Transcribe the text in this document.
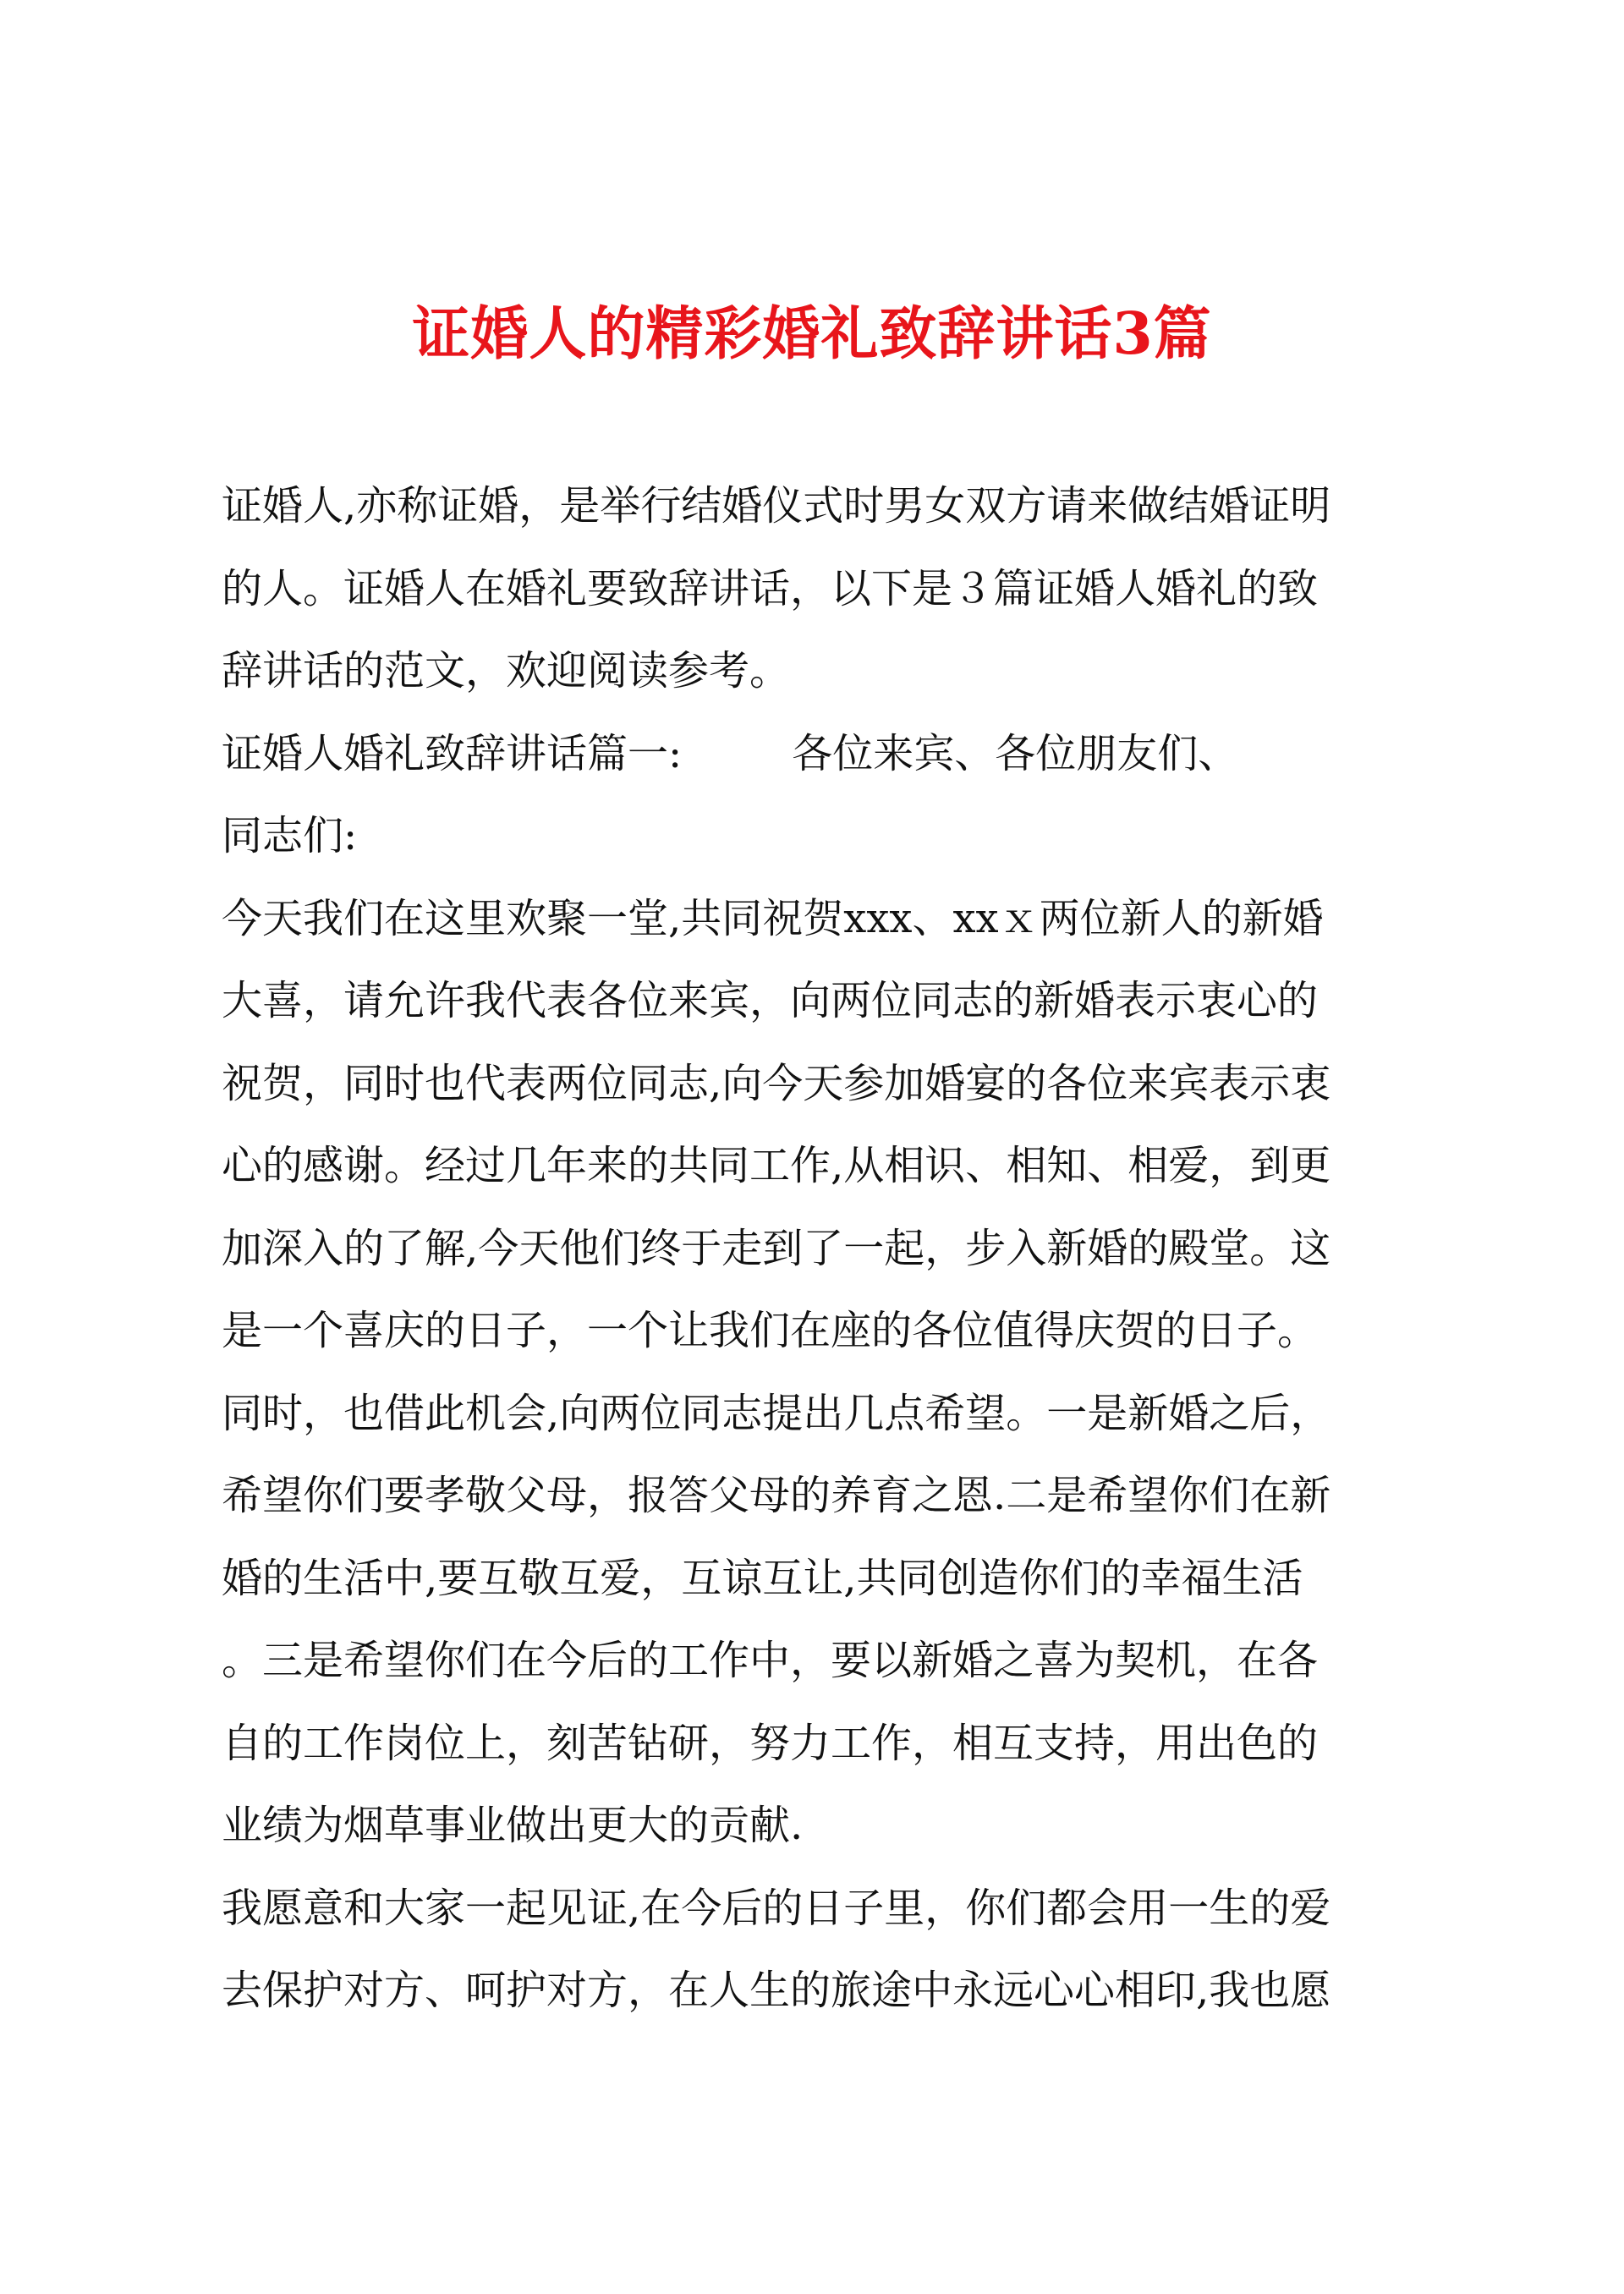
证婚人的精彩婚礼致辞讲话3篇
证婚人,亦称证婚，是举行结婚仪式时男女双方请来做结婚证明
的人。证婚人在婚礼要致辞讲话，以下是３篇证婚人婚礼的致
辞讲话的范文，欢迎阅读参考。
证婚人婚礼致辞讲话篇一:	各位来宾、各位朋友们、
同志们:
今天我们在这里欢聚一堂,共同祝贺xxx、xxｘ两位新人的新婚
大喜，请允许我代表各位来宾，向两位同志的新婚表示衷心的
祝贺，同时也代表两位同志,向今天参加婚宴的各位来宾表示衷
心的感谢。经过几年来的共同工作,从相识、相知、相爱，到更
加深入的了解,今天他们终于走到了一起，步入新婚的殿堂。这
是一个喜庆的日子，一个让我们在座的各位值得庆贺的日子。
同时，也借此机会,向两位同志提出几点希望。一是新婚之后，
希望你们要孝敬父母，报答父母的养育之恩.二是希望你们在新
婚的生活中,要互敬互爱，互谅互让,共同创造你们的幸福生活
。三是希望你们在今后的工作中，要以新婚之喜为契机，在各
自的工作岗位上，刻苦钻研，努力工作，相互支持，用出色的
业绩为烟草事业做出更大的贡献.
我愿意和大家一起见证,在今后的日子里，你们都会用一生的爱
去保护对方、呵护对方，在人生的旅途中永远心心相印,我也愿
